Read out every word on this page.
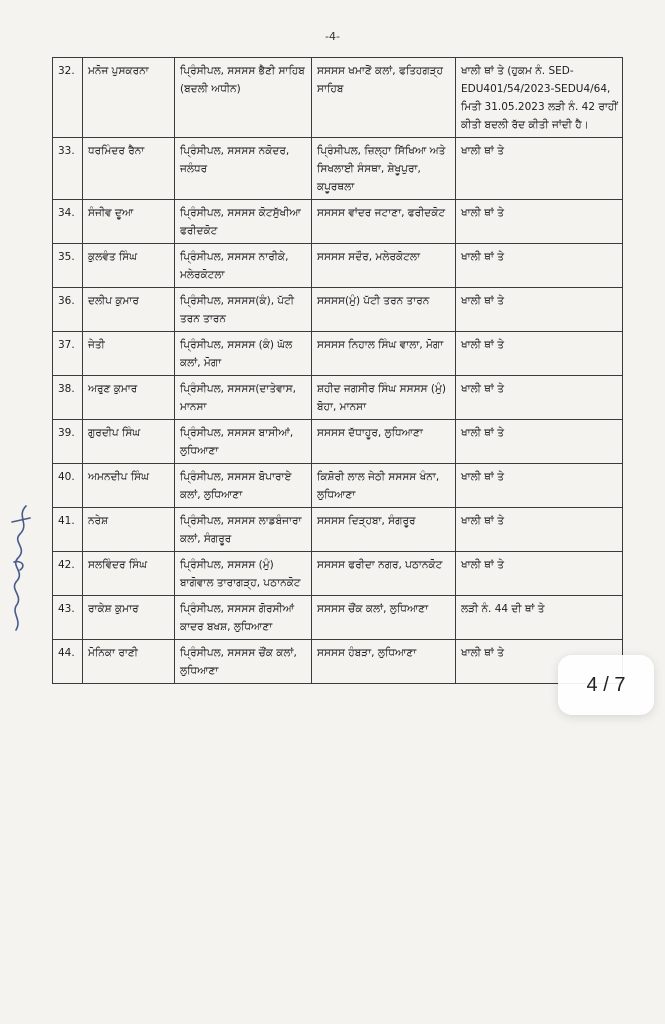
-4-
32.	ਮਨੋਜ ਪੁਸਕਰਨਾ	ਪ੍ਰਿੰਸੀਪਲ, ਸਸਸਸ ਭੈਣੀ ਸਾਹਿਬ (ਬਦਲੀ ਅਧੀਨ)	ਸਸਸਸ ਖਮਾਣੋਂ ਕਲਾਂ, ਫਤਿਹਗੜ੍ਹ ਸਾਹਿਬ	ਖਾਲੀ ਥਾਂ ਤੇ (ਹੁਕਮ ਨੰ. SED-EDU401/54/2023-SEDU4/64, ਮਿਤੀ 31.05.2023 ਲੜੀ ਨੰ. 42 ਰਾਹੀਂ ਕੀਤੀ ਬਦਲੀ ਰੱਦ ਕੀਤੀ ਜਾਂਦੀ ਹੈ।
33.	ਧਰਮਿੰਦਰ ਰੈਨਾ	ਪ੍ਰਿੰਸੀਪਲ, ਸਸਸਸ ਨਕੋਦਰ, ਜਲੰਧਰ	ਪ੍ਰਿੰਸੀਪਲ, ਜ਼ਿਲ੍ਹਾ ਸਿੱਖਿਆ ਅਤੇ ਸਿਖਲਾਈ ਸੰਸਥਾ, ਸ਼ੇਖੂਪੁਰਾ, ਕਪੂਰਥਲਾ	ਖਾਲੀ ਥਾਂ ਤੇ
34.	ਸੰਜੀਵ ਦੂਆ	ਪ੍ਰਿੰਸੀਪਲ, ਸਸਸਸ ਕੋਟਸੁੱਖੀਆ ਫਰੀਦਕੋਟ	ਸਸਸਸ ਵਾਂਦਰ ਜਟਾਣਾ, ਫਰੀਦਕੋਟ	ਖਾਲੀ ਥਾਂ ਤੇ
35.	ਕੁਲਵੰਤ ਸਿੰਘ	ਪ੍ਰਿੰਸੀਪਲ, ਸਸਸਸ ਨਾਰੀਕੇ, ਮਲੇਰਕੋਟਲਾ	ਸਸਸਸ ਸਦੌਰ, ਮਲੇਰਕੋਟਲਾ	ਖਾਲੀ ਥਾਂ ਤੇ
36.	ਦਲੀਪ ਕੁਮਾਰ	ਪ੍ਰਿੰਸੀਪਲ, ਸਸਸਸ(ਕੰ), ਪੱਟੀ ਤਰਨ ਤਾਰਨ	ਸਸਸਸ(ਮੁੰ) ਪੱਟੀ ਤਰਨ ਤਾਰਨ	ਖਾਲੀ ਥਾਂ ਤੇ
37.	ਜੇਤੀ	ਪ੍ਰਿੰਸੀਪਲ, ਸਸਸਸ (ਕੰ) ਘੱਲ ਕਲਾਂ, ਮੋਗਾ	ਸਸਸਸ ਨਿਹਾਲ ਸਿੰਘ ਵਾਲਾ, ਮੋਗਾ	ਖਾਲੀ ਥਾਂ ਤੇ
38.	ਅਰੁਣ ਕੁਮਾਰ	ਪ੍ਰਿੰਸੀਪਲ, ਸਸਸਸ(ਦਾਤੇਵਾਸ, ਮਾਨਸਾ	ਸ਼ਹੀਦ ਜਗਸੀਰ ਸਿੰਘ ਸਸਸਸ (ਮੁੰ) ਬੋਹਾ, ਮਾਨਸਾ	ਖਾਲੀ ਥਾਂ ਤੇ
39.	ਗੁਰਦੀਪ ਸਿੰਘ	ਪ੍ਰਿੰਸੀਪਲ, ਸਸਸਸ ਬਾਸੀਆਂ, ਲੁਧਿਆਣਾ	ਸਸਸਸ ਦੱਧਾਹੂਰ, ਲੁਧਿਆਣਾ	ਖਾਲੀ ਥਾਂ ਤੇ
40.	ਅਮਨਦੀਪ ਸਿੰਘ	ਪ੍ਰਿੰਸੀਪਲ, ਸਸਸਸ ਬੋਪਾਰਾਏ ਕਲਾਂ, ਲੁਧਿਆਣਾ	ਕਿਸ਼ੋਰੀ ਲਾਲ ਜੇਠੀ ਸਸਸਸ ਖੰਨਾ, ਲੁਧਿਆਣਾ	ਖਾਲੀ ਥਾਂ ਤੇ
41.	ਨਰੇਸ਼	ਪ੍ਰਿੰਸੀਪਲ, ਸਸਸਸ ਲਾਡਬੰਜਾਰਾ ਕਲਾਂ, ਸੰਗਰੂਰ	ਸਸਸਸ ਦਿੜ੍ਹਬਾ, ਸੰਗਰੂਰ	ਖਾਲੀ ਥਾਂ ਤੇ
42.	ਸਲਵਿੰਦਰ ਸਿੰਘ	ਪ੍ਰਿੰਸੀਪਲ, ਸਸਸਸ (ਮੁੰ) ਬਾਗੋਵਾਲ ਤਾਰਾਗੜ੍ਹ, ਪਠਾਨਕੋਟ	ਸਸਸਸ ਫਰੀਦਾ ਨਗਰ, ਪਠਾਨਕੋਟ	ਖਾਲੀ ਥਾਂ ਤੇ
43.	ਰਾਕੇਸ਼ ਕੁਮਾਰ	ਪ੍ਰਿੰਸੀਪਲ, ਸਸਸਸ ਗੋਰਸੀਆਂ ਕਾਦਰ ਬਖਸ਼, ਲੁਧਿਆਣਾ	ਸਸਸਸ ਚੌਂਕ ਕਲਾਂ, ਲੁਧਿਆਣਾ	ਲੜੀ ਨੰ. 44 ਦੀ ਥਾਂ ਤੇ
44.	ਮੋਨਿਕਾ ਰਾਣੀ	ਪ੍ਰਿੰਸੀਪਲ, ਸਸਸਸ ਚੌਂਕ ਕਲਾਂ, ਲੁਧਿਆਣਾ	ਸਸਸਸ ਹੰਬੜਾ, ਲੁਧਿਆਣਾ	ਖਾਲੀ ਥਾਂ ਤੇ
4 / 7
